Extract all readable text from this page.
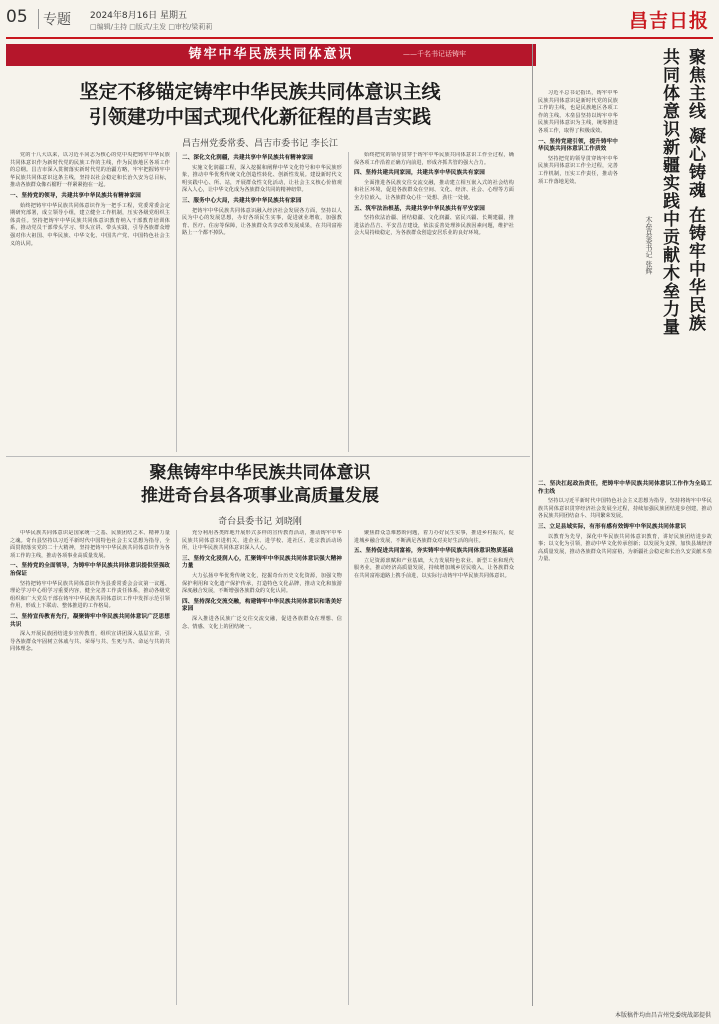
05	专题 2024年8月16日 星期五
□编辑/主持 □版式/主发 □审校/梁莉莉	昌吉日报
铸牢中华民族共同体意识	——千名书记话铸牢
坚定不移锚定铸牢中华民族共同体意识主线
引领建功中国式现代化新征程的昌吉实践
昌吉州党委常委、昌吉市委书记 李长江

党的十八大以来，以习近平同志为核心的党中央把铸牢中华民族共同体意识作为新时代党的民族工作的主线，作为民族地区各项工作的总纲。昌吉市深入贯彻落实新时代党的治疆方略，牢牢把握铸牢中华民族共同体意识这条主线，坚持以社会稳定和长治久安为总目标，推动各族群众像石榴籽一样紧紧抱在一起。

一、坚持党的领导，共建共享中华民族共有精神家园

始终把铸牢中华民族共同体意识作为一把手工程，党委常委会定期研究部署，成立领导小组，建立健全工作机制，压实各级党组织主体责任。坚持把铸牢中华民族共同体意识教育纳入干部教育培训体系，推动党员干部带头学习、带头宣讲、带头实践，引导各族群众增强对伟大祖国、中华民族、中华文化、中国共产党、中国特色社会主义的认同。

二、深化文化润疆，共建共享中华民族共有精神家园

实施文化润疆工程，深入挖掘和阐释中华文化符号和中华民族形象，推动中华优秀传统文化创造性转化、创新性发展。建设新时代文明实践中心、所、站，开展群众性文化活动，让社会主义核心价值观深入人心，让中华文化成为各族群众共同的精神纽带。

三、服务中心大局，共建共享中华民族共有家园

把铸牢中华民族共同体意识融入经济社会发展各方面，坚持以人民为中心的发展思想，办好各项民生实事，促进就业增收，加强教育、医疗、住房等保障，让各族群众共享改革发展成果，在共同富裕路上一个都不掉队。

始终把党的领导贯穿于铸牢中华民族共同体意识工作全过程，确保各项工作沿着正确方向前进，形成齐抓共管的强大合力。

四、坚持共建共同家园，共建共享中华民族共有家园

全面推进各民族交往交流交融，推动建立相互嵌入式的社会结构和社区环境，促进各族群众在空间、文化、经济、社会、心理等方面全方位嵌入，让各族群众心往一处想、劲往一处使。

五、筑牢法治根基，共建共享中华民族共有平安家园

坚持依法治疆、团结稳疆、文化润疆、富民兴疆、长期建疆，推进法治昌吉、平安昌吉建设，依法妥善处理涉民族因素问题，维护社会大局持续稳定，为各族群众创造安居乐业的良好环境。

聚焦铸牢中华民族共同体意识
推进奇台县各项事业高质量发展
奇台县委书记 刘晓刚

中华民族共同体意识是国家统一之基、民族团结之本、精神力量之魂。奇台县坚持以习近平新时代中国特色社会主义思想为指导，全面贯彻落实党的二十大精神，坚持把铸牢中华民族共同体意识作为各项工作的主线，推动各项事业高质量发展。

一、坚持党的全面领导，为铸牢中华民族共同体意识提供坚强政治保证

坚持把铸牢中华民族共同体意识作为县委常委会会议第一议题、理论学习中心组学习重要内容，健全完善工作责任体系，推动各级党组织和广大党员干部在铸牢中华民族共同体意识工作中发挥示范引领作用，形成上下联动、整体推进的工作格局。

二、坚持宣传教育先行，凝聚铸牢中华民族共同体意识广泛思想共识

深入开展民族团结进步宣传教育，组织宣讲团深入基层宣讲，引导各族群众牢固树立休戚与共、荣辱与共、生死与共、命运与共的共同体理念。

充分利用各类阵地开展形式多样的宣传教育活动，推动铸牢中华民族共同体意识进机关、进企业、进学校、进社区、进宗教活动场所，让中华民族共同体意识深入人心。

三、坚持文化浸润人心，汇聚铸牢中华民族共同体意识强大精神力量

大力弘扬中华优秀传统文化，挖掘奇台历史文化资源，加强文物保护利用和文化遗产保护传承，打造特色文化品牌，推动文化和旅游深度融合发展，不断增强各族群众的文化认同。

四、坚持深化交流交融，构建铸牢中华民族共同体意识和谐美好家园

深入推进各民族广泛交往交流交融，促进各族群众在理想、信念、情感、文化上的团结统一。

聚焦群众急难愁盼问题，着力办好民生实事，推进乡村振兴，促进城乡融合发展，不断满足各族群众对美好生活的向往。

五、坚持促进共同富裕，夯实铸牢中华民族共同体意识物质基础

立足资源禀赋和产业基础，大力发展特色农业、新型工业和现代服务业，推动经济高质量发展，持续增加城乡居民收入，让各族群众在共同富裕道路上携手前进，以实际行动铸牢中华民族共同体意识。

习近平总书记指出，铸牢中华民族共同体意识是新时代党的民族工作的主线，也是民族地区各项工作的主线。木垒县坚持以铸牢中华民族共同体意识为主线，统筹推进各项工作，取得了积极成效。

一、坚持党建引领，提升铸牢中华民族共同体意识工作质效

坚持把党的领导贯穿铸牢中华民族共同体意识工作全过程，完善工作机制，压实工作责任，推动各项工作落地见效。	聚焦主线 凝心铸魂 在铸牢中华民族
共同体意识新疆实践中贡献木垒力量
木垒县委书记 张辉

二、坚决扛起政治责任，把铸牢中华民族共同体意识工作作为全局工作主线

坚持以习近平新时代中国特色社会主义思想为指导，坚持将铸牢中华民族共同体意识贯穿经济社会发展全过程，持续加强民族团结进步创建，推动各民族共同团结奋斗、共同繁荣发展。

三、立足县域实际，有形有感有效铸牢中华民族共同体意识

以教育为先导，深化中华民族共同体意识教育，讲好民族团结进步故事；以文化为引领，推动中华文化传承创新；以发展为支撑，加快县域经济高质量发展，推动各族群众共同富裕，为新疆社会稳定和长治久安贡献木垒力量。

本版稿件均由昌吉州党委统战部提供
